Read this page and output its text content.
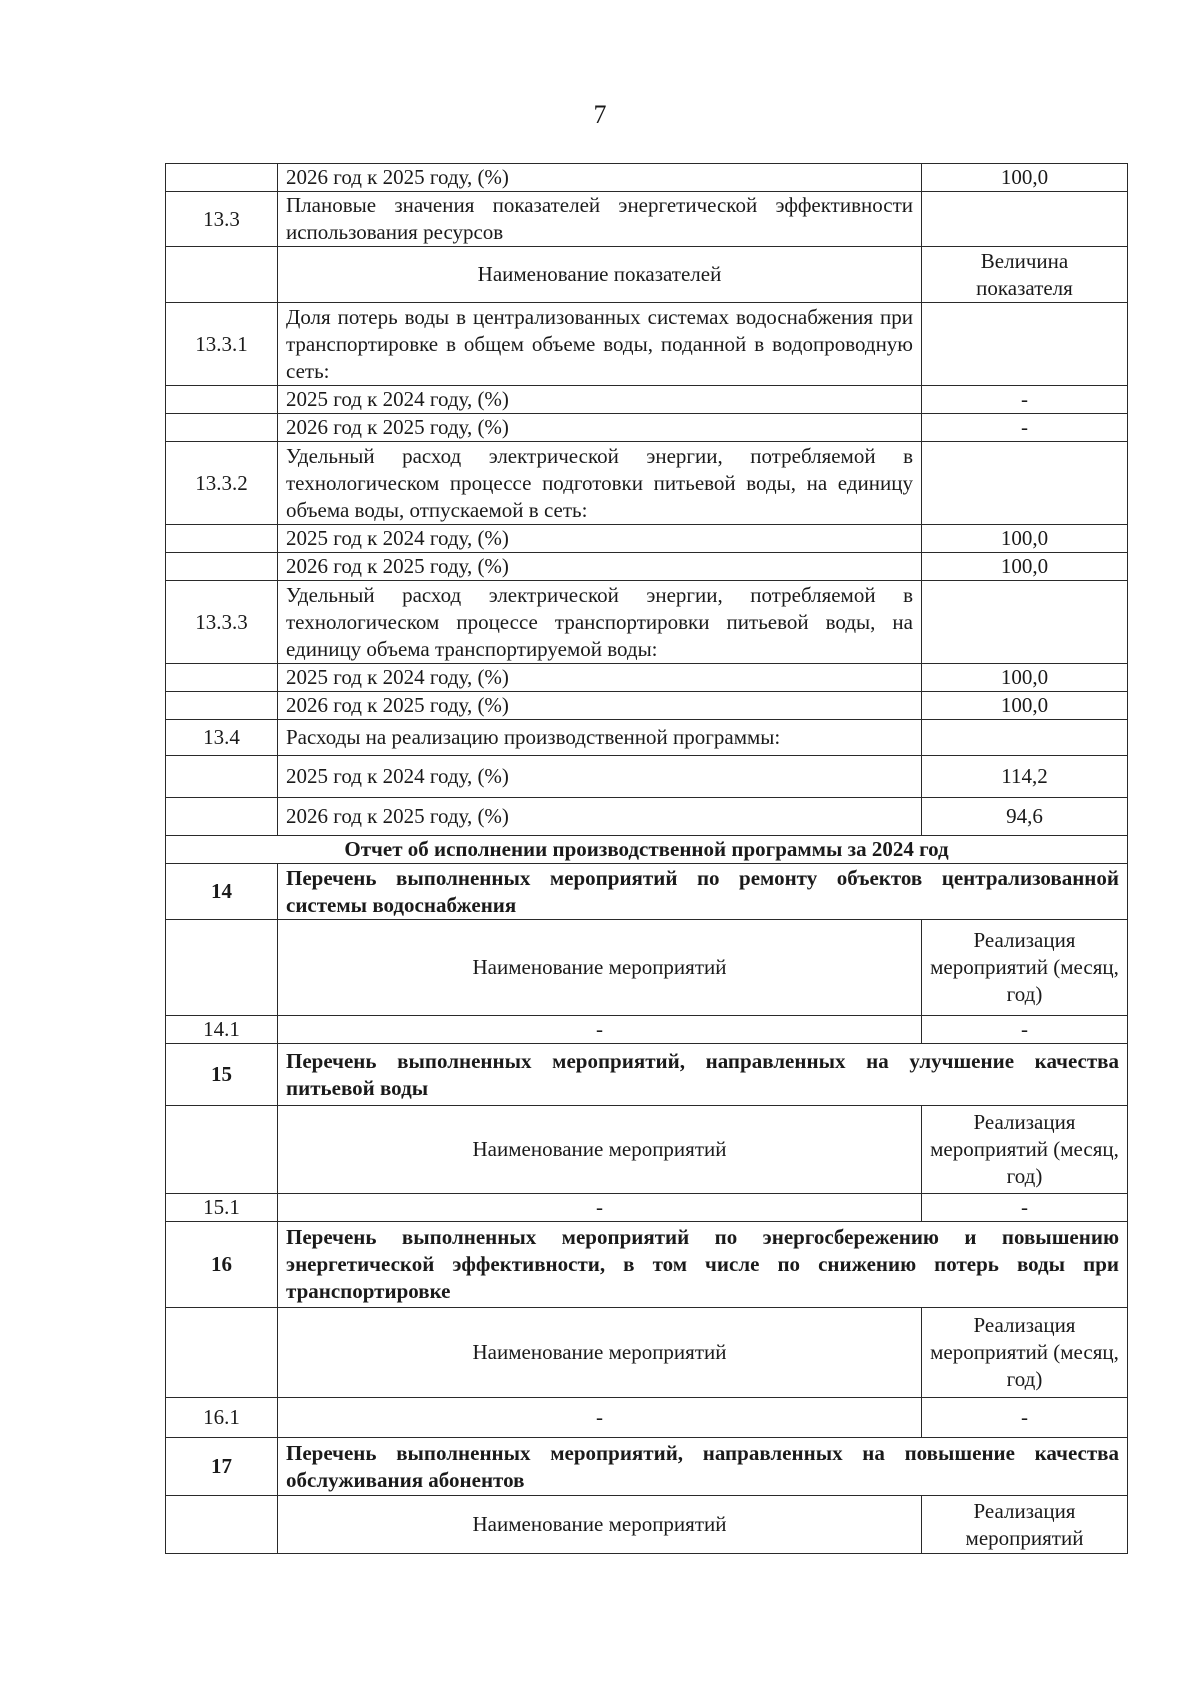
7
	2026 год к 2025 году, (%)	100,0
13.3	Плановые значения показателей энергетической эффективности использования ресурсов	
	Наименование показателей	Величина показателя
13.3.1	Доля потерь воды в централизованных системах водоснабжения при транспортировке в общем объеме воды, поданной в водопроводную сеть:	
	2025 год к 2024 году, (%)	-
	2026 год к 2025 году, (%)	-
13.3.2	Удельный расход электрической энергии, потребляемой в технологическом процессе подготовки питьевой воды, на единицу объема воды, отпускаемой в сеть:	
	2025 год к 2024 году, (%)	100,0
	2026 год к 2025 году, (%)	100,0
13.3.3	Удельный расход электрической энергии, потребляемой в технологическом процессе транспортировки питьевой воды, на единицу объема транспортируемой воды:	
	2025 год к 2024 году, (%)	100,0
	2026 год к 2025 году, (%)	100,0
13.4	Расходы на реализацию производственной программы:	
	2025 год к 2024 году, (%)	114,2
	2026 год к 2025 году, (%)	94,6
Отчет об исполнении производственной программы за 2024 год		
14	Перечень выполненных мероприятий по ремонту объектов централизованной системы водоснабжения	
	Наименование мероприятий	Реализация мероприятий (месяц, год)
14.1	-	-
15	Перечень выполненных мероприятий, направленных на улучшение качества питьевой воды	
	Наименование мероприятий	Реализация мероприятий (месяц, год)
15.1	-	-
16	Перечень выполненных мероприятий по энергосбережению и повышению энергетической эффективности, в том числе по снижению потерь воды при транспортировке	
	Наименование мероприятий	Реализация мероприятий (месяц, год)
16.1	-	-
17	Перечень выполненных мероприятий, направленных на повышение качества обслуживания абонентов	
	Наименование мероприятий	Реализация мероприятий
